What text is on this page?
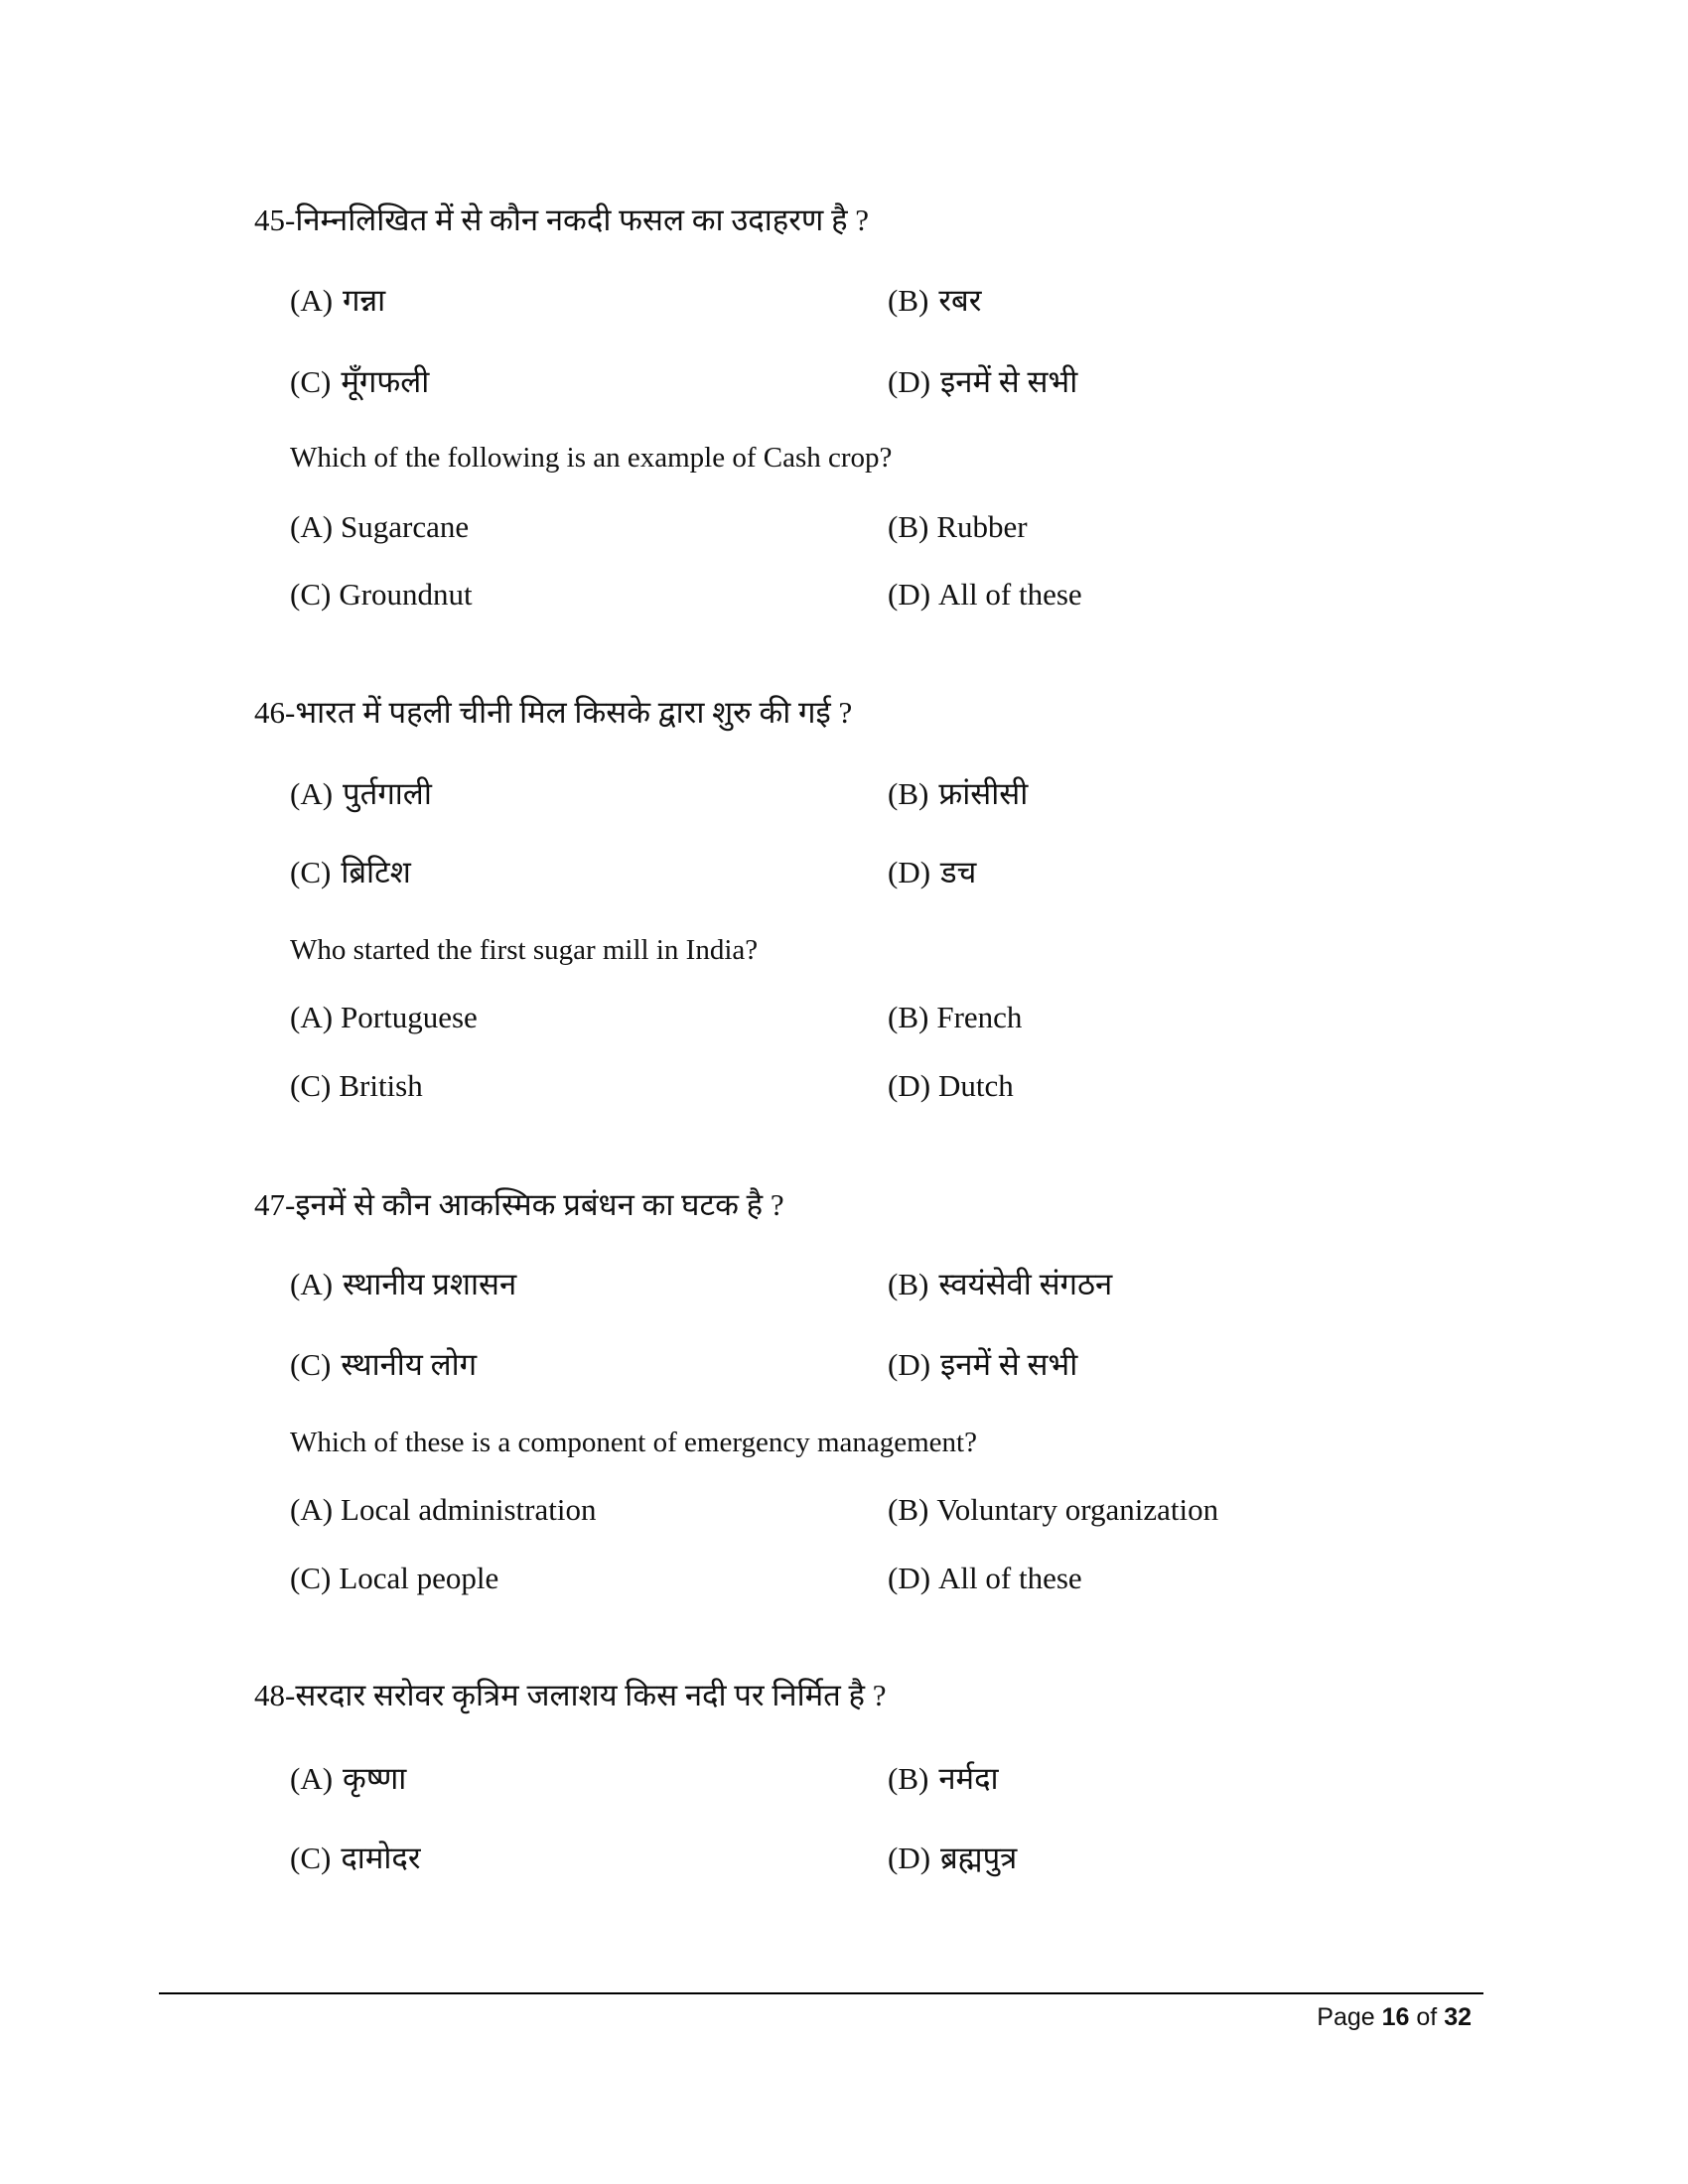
45-निम्नलिखित में से कौन नकदी फसल का उदाहरण है ?
(A) गन्ना	(B) रबर
(C) मूँगफली	(D) इनमें से सभी
Which of the following is an example of Cash crop?
(A) Sugarcane	(B) Rubber
(C) Groundnut	(D) All of these
46-भारत में पहली चीनी मिल किसके द्वारा शुरु की गई ?
(A) पुर्तगाली	(B) फ्रांसीसी
(C) ब्रिटिश	(D) डच
Who started the first sugar mill in India?
(A) Portuguese	(B) French
(C) British	(D) Dutch
47-इनमें से कौन आकस्मिक प्रबंधन का घटक है ?
(A) स्थानीय प्रशासन	(B) स्वयंसेवी संगठन
(C) स्थानीय लोग	(D) इनमें से सभी
Which of these is a component of emergency management?
(A) Local administration	(B) Voluntary organization
(C) Local people	(D) All of these
48-सरदार सरोवर कृत्रिम जलाशय किस नदी पर निर्मित है ?
(A) कृष्णा	(B) नर्मदा
(C) दामोदर	(D) ब्रह्मपुत्र
Page 16 of 32
